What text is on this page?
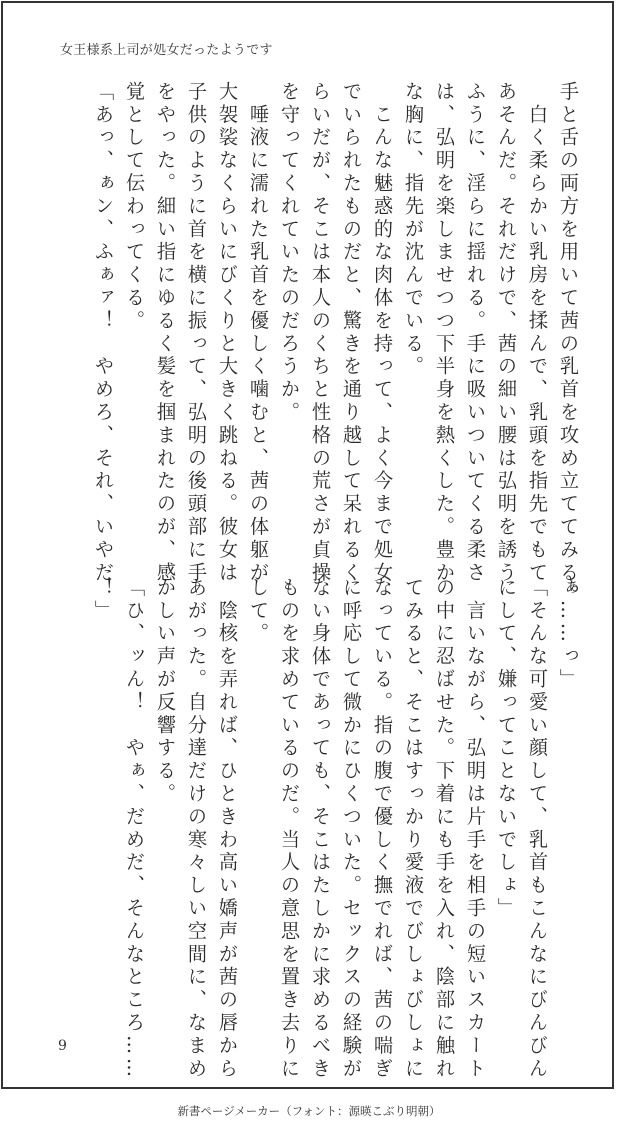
女王様系上司が処女だったようです
手と舌の両方を用いて茜の乳首を攻め立ててみる。
　白く柔らかい乳房を揉んで、乳頭を指先でもて
あそんだ。それだけで、茜の細い腰は弘明を誘う
ふうに、淫らに揺れる。手に吸いついてくる柔さ
は、弘明を楽しませつつ下半身を熱くした。豊か
な胸に、指先が沈んでいる。
　こんな魅惑的な肉体を持って、よく今まで処女
でいられたものだと、驚きを通り越して呆れるく
らいだが、そこは本人のくちと性格の荒さが貞操
を守ってくれていたのだろうか。
　唾液に濡れた乳首を優しく噛むと、茜の体躯が
大袈裟なくらいにびくりと大きく跳ねる。彼女は
子供のように首を横に振って、弘明の後頭部に手
をやった。細い指にゆるく髪を掴まれたのが、感
覚として伝わってくる。
「あっ、ぁン、ふぁァ！　やめろ、それ、いやだ
ぁ……っ」
「そんな可愛い顔して、乳首もこんなにびんびん
にして、嫌ってことないでしょ」
　言いながら、弘明は片手を相手の短いスカート
の中に忍ばせた。下着にも手を入れ、陰部に触れ
てみると、そこはすっかり愛液でびしょびしょに
なっている。指の腹で優しく撫でれば、茜の喘ぎ
に呼応して微かにひくついた。セックスの経験が
ない身体であっても、そこはたしかに求めるべき
ものを求めているのだ。当人の意思を置き去りに
して。
　陰核を弄れば、ひときわ高い嬌声が茜の唇から
あがった。自分達だけの寒々しい空間に、なまめ
かしい声が反響する。
「ひ、ッん！　やぁ、だめだ、そんなところ……
！」
9
新書ページメーカー（フォント：源暎こぶり明朝）
